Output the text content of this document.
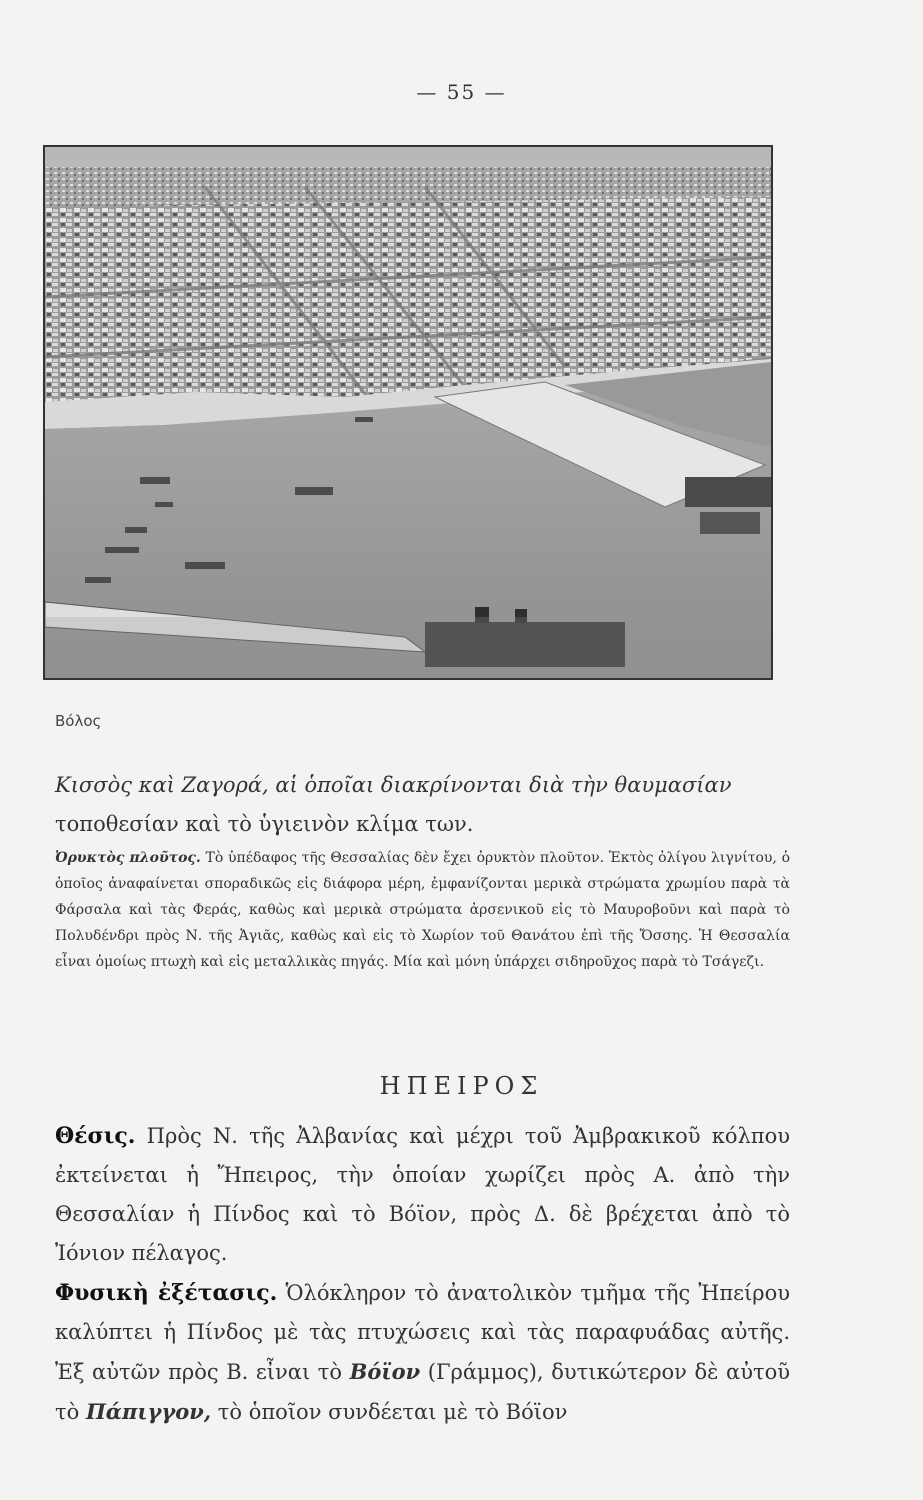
— 55 —
Βόλος
Κισσὸς καὶ Ζαγορά, αἱ ὁποῖαι διακρίνονται διὰ τὴν θαυμασίαν
τοποθεσίαν καὶ τὸ ὑγιεινὸν κλίμα των.
Ὀρυκτὸς πλοῦτος. Τὸ ὑπέδαφος τῆς Θεσσαλίας δὲν ἔχει ὀρυκτὸν πλοῦτον. Ἐκτὸς ὀλίγου λιγνίτου, ὁ ὁποῖος ἀναφαίνεται σποραδικῶς εἰς διάφορα μέρη, ἐμφανίζονται μερικὰ στρώματα χρωμίου παρὰ τὰ Φάρσαλα καὶ τὰς Φεράς, καθὼς καὶ μερικὰ στρώματα ἀρσενικοῦ εἰς τὸ Μαυροβοῦνι καὶ παρὰ τὸ Πολυδένδρι πρὸς Ν. τῆς Ἀγιᾶς, καθὼς καὶ εἰς τὸ Χωρίον τοῦ Θανάτου ἐπὶ τῆς Ὄσσης. Ἡ Θεσσαλία εἶναι ὁμοίως πτωχὴ καὶ εἰς μεταλλικὰς πηγάς. Μία καὶ μόνη ὑπάρχει σιδηροῦχος παρὰ τὸ Τσάγεζι.
ΗΠΕΙΡΟΣ
Θέσις. Πρὸς Ν. τῆς Ἀλβανίας καὶ μέχρι τοῦ Ἀμβρακικοῦ κόλπου ἐκτείνεται ἡ Ἤπειρος, τὴν ὁποίαν χωρίζει πρὸς Α. ἀπὸ τὴν Θεσσαλίαν ἡ Πίνδος καὶ τὸ Βόϊον, πρὸς Δ. δὲ βρέχεται ἀπὸ τὸ Ἰόνιον πέλαγος.
Φυσικὴ ἐξέτασις. Ὁλόκληρον τὸ ἀνατολικὸν τμῆμα τῆς Ἠπείρου καλύπτει ἡ Πίνδος μὲ τὰς πτυχώσεις καὶ τὰς παραφυάδας αὐτῆς. Ἐξ αὐτῶν πρὸς Β. εἶναι τὸ Βόϊον (Γράμμος), δυτικώτερον δὲ αὐτοῦ τὸ Πάπιγγον, τὸ ὁποῖον συνδέεται μὲ τὸ Βόϊον
